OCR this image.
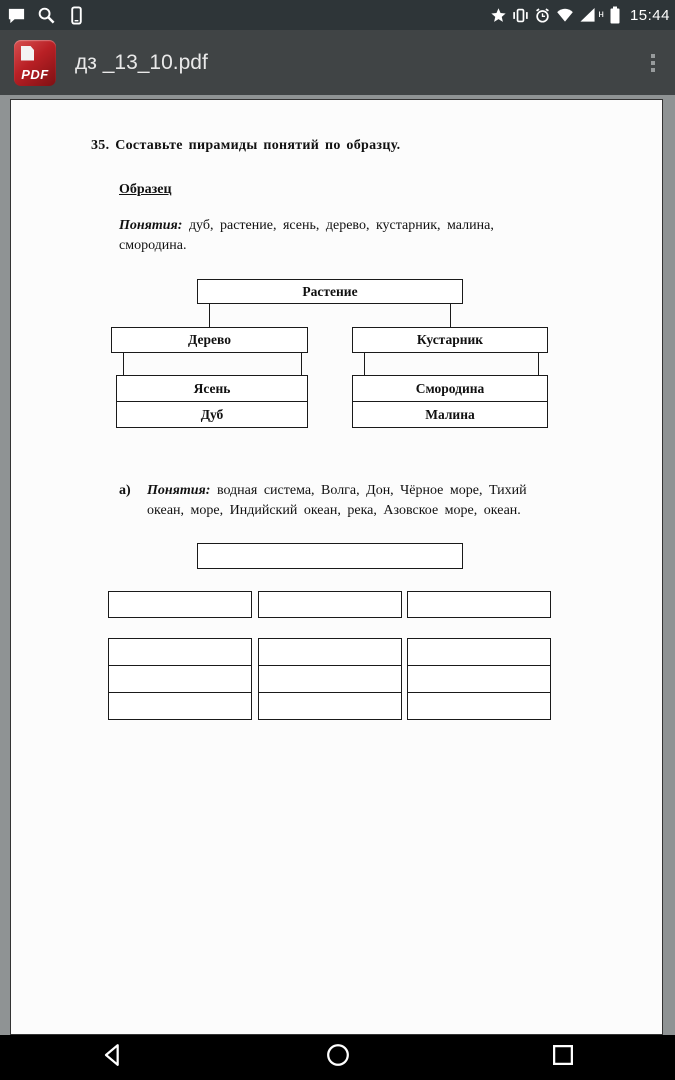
н 15:44
PDF
дз _13_10.pdf
35. Составьте пирамиды понятий по образцу.
Образец
Понятия: дуб, растение, ясень, дерево, кустарник, малина,
смородина.
Растение
Дерево	Кустарник
Ясень
Дуб
Смородина
Малина
а) Понятия: водная система, Волга, Дон, Чёрное море, Тихий
океан, море, Индийский океан, река, Азовское море, океан.
